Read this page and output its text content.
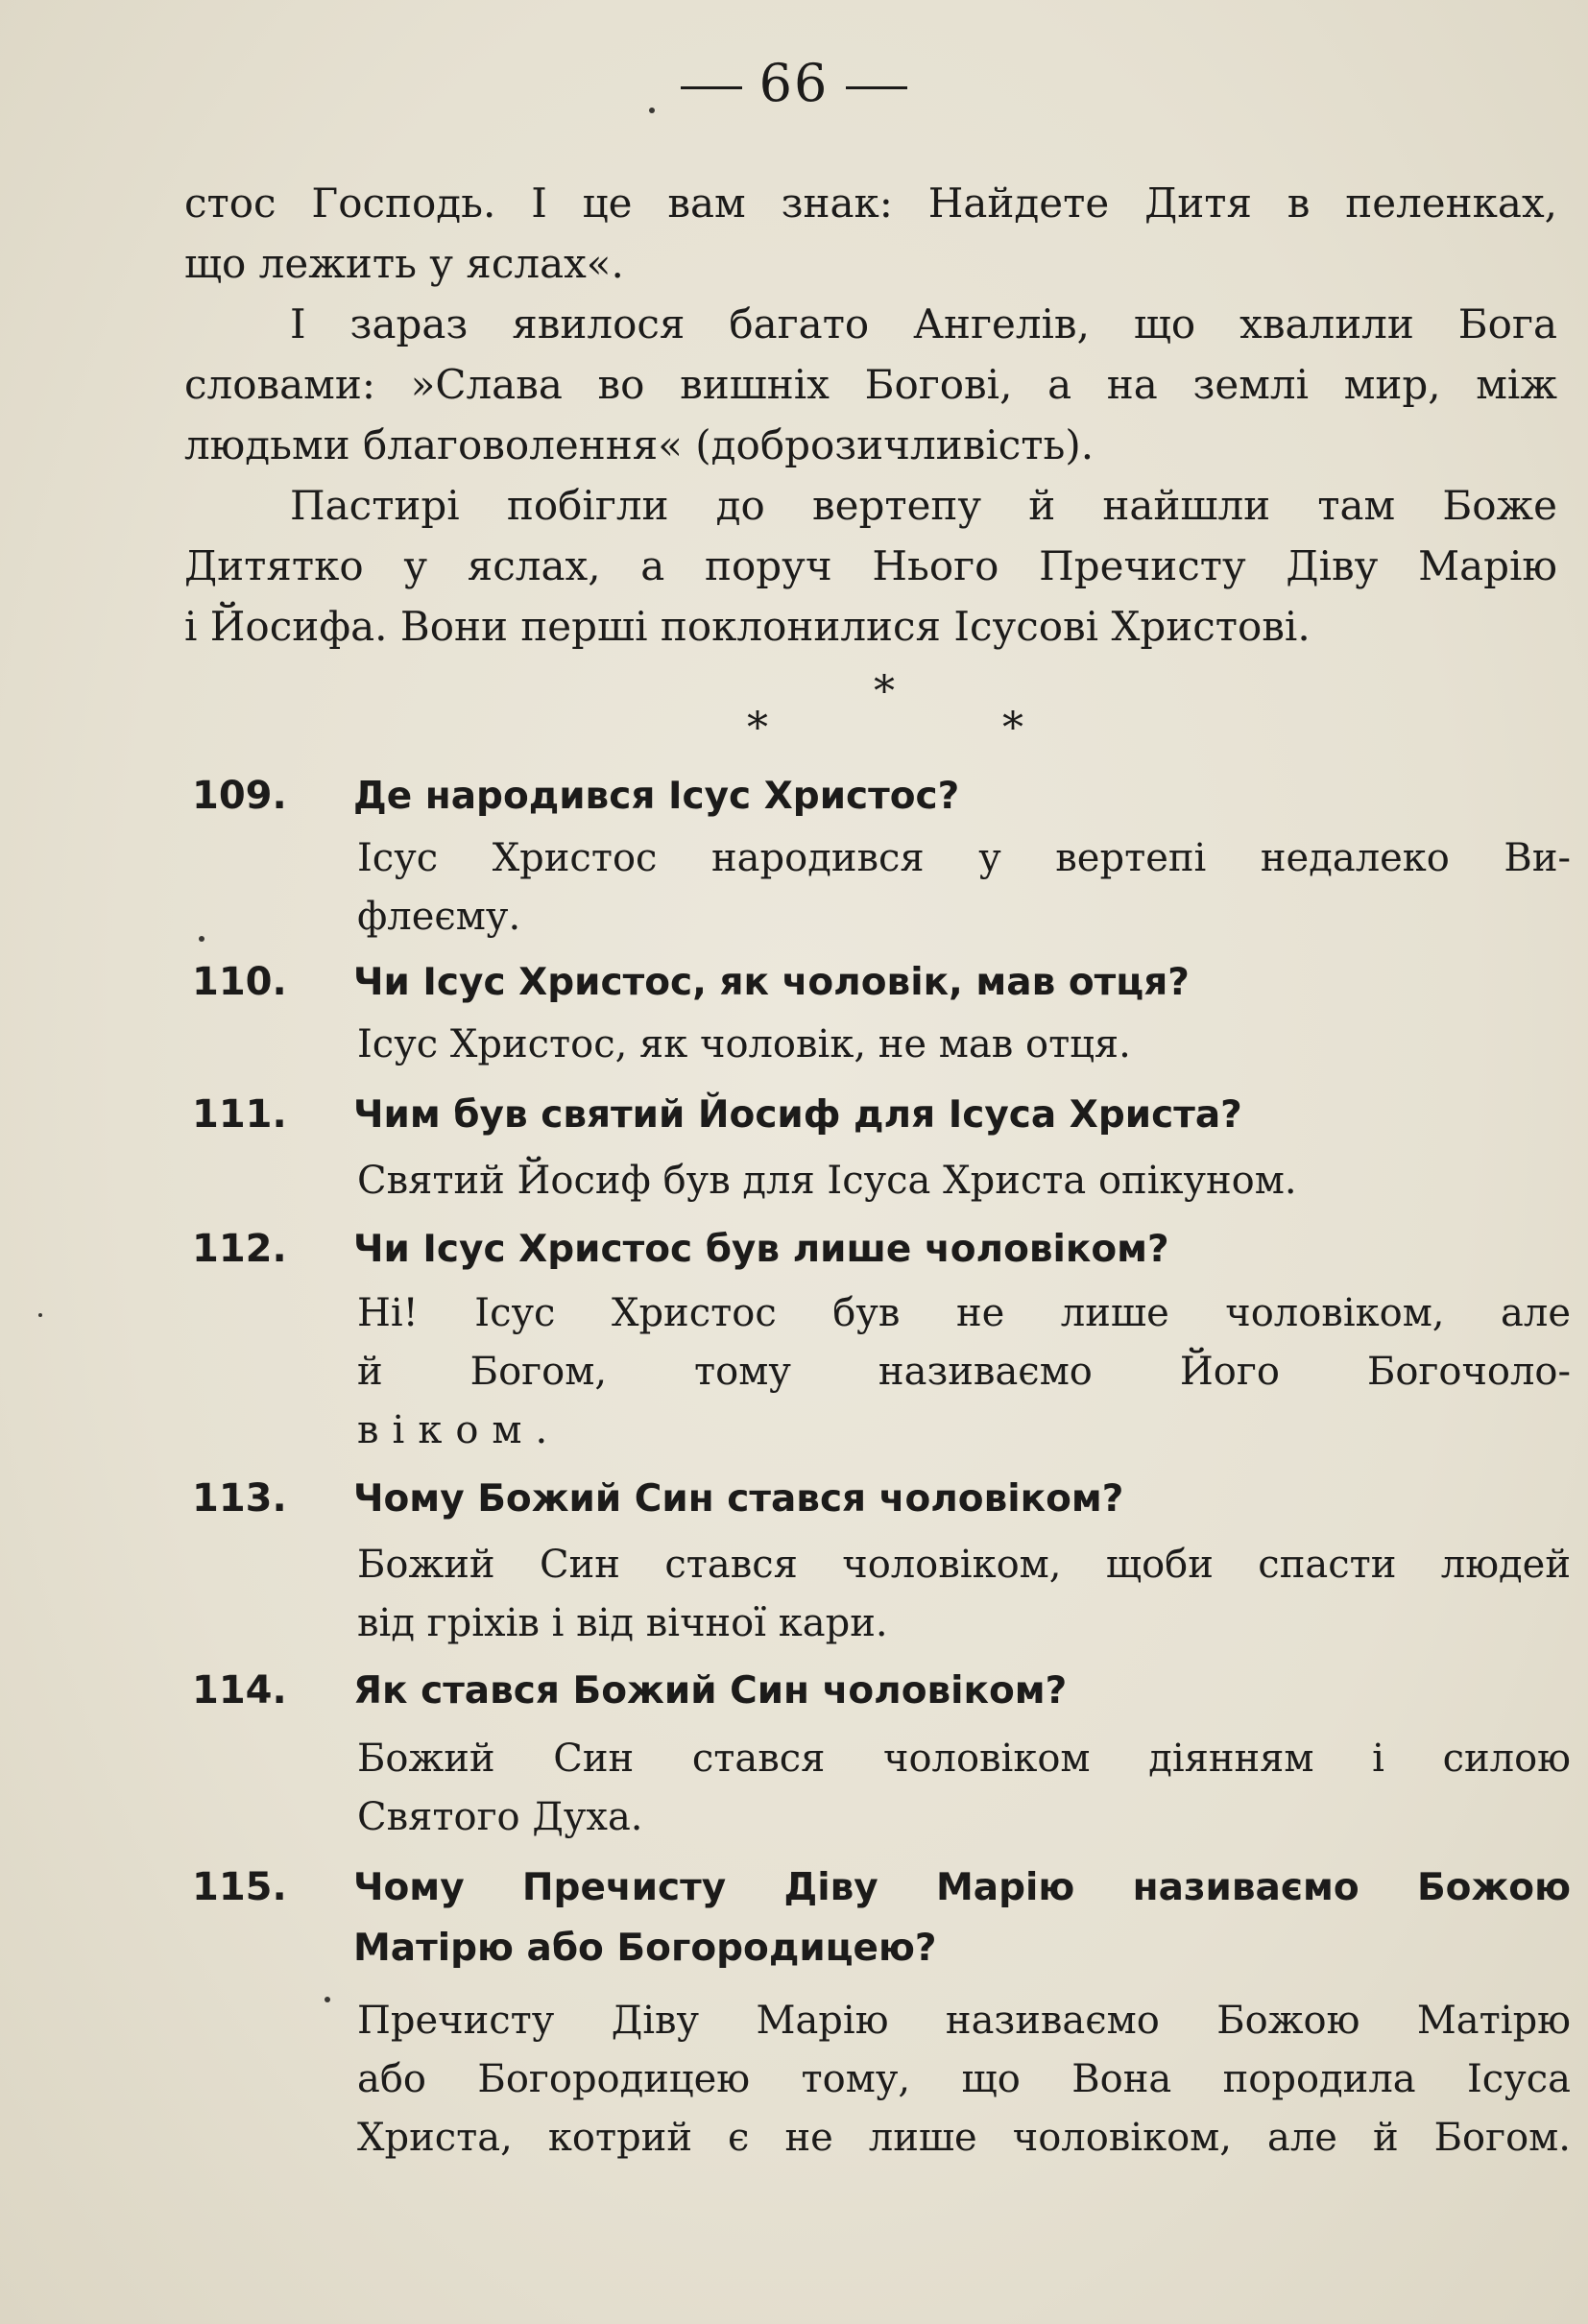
66
стос Господь. І це вам знак: Найдете Дитя в пеленках,
що лежить у яслах«.
І зараз явилося багато Ангелів, що хвалили Бога
словами: »Слава во вишніх Богові, а на землі мир, між
людьми благоволення« (доброзичливість).
Пастирі побігли до вертепу й найшли там Боже
Дитятко у яслах, а поруч Нього Пречисту Діву Марію
і Йосифа. Вони перші поклонилися Ісусові Христові.
*
*	*
109. Де народився Ісус Христос?
Ісус Христос народився у вертепі недалеко Ви-
флеєму.
110. Чи Ісус Христос, як чоловік, мав отця?
Ісус Христос, як чоловік, не мав отця.
111. Чим був святий Йосиф для Ісуса Христа?
Святий Йосиф був для Ісуса Христа опікуном.
112. Чи Ісус Христос був лише чоловіком?
Ні! Ісус Христос був не лише чоловіком, але
й Богом, тому називаємо Його Богочоло-
віком.
113. Чому Божий Син стався чоловіком?
Божий Син стався чоловіком, щоби спасти людей
від гріхів і від вічної кари.
114. Як стався Божий Син чоловіком?
Божий Син стався чоловіком діянням і силою
Святого Духа.
115. Чому Пречисту Діву Марію називаємо Божою
Матірю або Богородицею?
Пречисту Діву Марію називаємо Божою Матірю
або Богородицею тому, що Вона породила Ісуса
Христа, котрий є не лише чоловіком, але й Богом.
